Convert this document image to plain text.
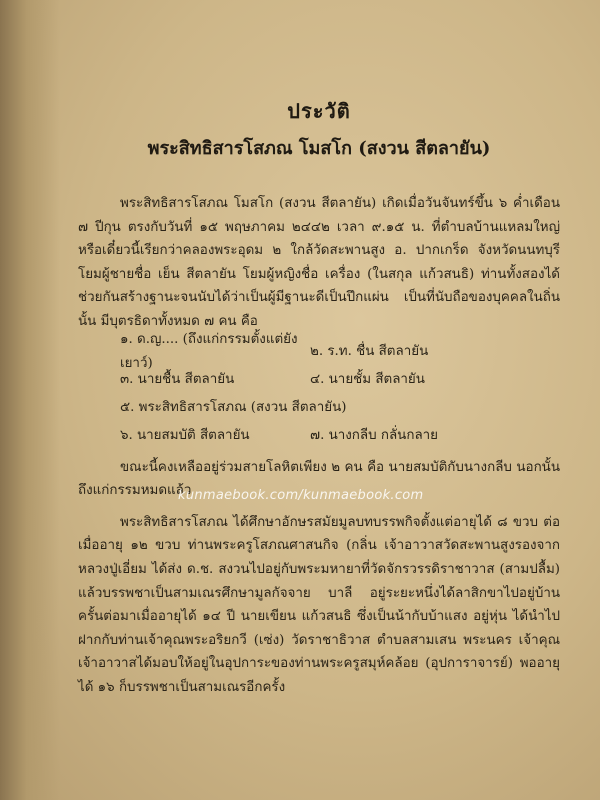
ประวัติ
พระสิทธิสารโสภณ โมสโก (สงวน สีตลายัน)

พระสิทธิสารโสภณ โมสโก (สงวน สีตลายัน) เกิดเมื่อวันจันทร์ขึ้น ๖ ค่ำเดือน ๗ ปีกุน ตรงกับวันที่ ๑๕ พฤษภาคม ๒๔๔๒ เวลา ๙.๑๕ น. ที่ตำบลบ้านแหลมใหญ่ หรือเดี๋ยวนี้เรียกว่าคลองพระอุดม ๒ ใกล้วัดสะพานสูง อ. ปากเกร็ด จังหวัดนนทบุรี โยมผู้ชายชื่อ เย็น สีตลายัน โยมผู้หญิงชื่อ เครื่อง (ในสกุล แก้วสนธิ) ท่านทั้งสองได้ช่วยกันสร้างฐานะจนนับได้ว่าเป็นผู้มีฐานะดีเป็นปึกแผ่น เป็นที่นับถือของบุคคลในถิ่นนั้น มีบุตรธิดาทั้งหมด ๗ คน คือ

๑. ด.ญ.... (ถึงแก่กรรมตั้งแต่ยังเยาว์)
๒. ร.ท. ชื่น สีตลายัน
๓. นายชื้น สีตลายัน	๔. นายชั้ม สีตลายัน
๕. พระสิทธิสารโสภณ (สงวน สีตลายัน)
๖. นายสมบัติ สีตลายัน	๗. นางกลีบ กลั่นกลาย

ขณะนี้คงเหลืออยู่ร่วมสายโลหิตเพียง ๒ คน คือ นายสมบัติกับนางกลีบ นอกนั้นถึงแก่กรรมหมดแล้ว

พระสิทธิสารโสภณ ได้ศึกษาอักษรสมัยมูลบทบรรพกิจตั้งแต่อายุได้ ๘ ขวบ ต่อเมื่ออายุ ๑๒ ขวบ ท่านพระครูโสภณศาสนกิจ (กลิ่น เจ้าอาวาสวัดสะพานสูงรองจากหลวงปู่เอี่ยม ได้ส่ง ด.ช. สงวนไปอยู่กับพระมหายาที่วัดจักรวรรดิราชาวาส (สามปลื้ม) แล้วบรรพชาเป็นสามเณรศึกษามูลกัจจาย บาลี อยู่ระยะหนึ่งได้ลาสิกขาไปอยู่บ้าน ครั้นต่อมาเมื่ออายุได้ ๑๔ ปี นายเขียน แก้วสนธิ ซึ่งเป็นน้ากับบ้าแสง อยู่หุ่น ได้นำไปฝากกับท่านเจ้าคุณพระอริยกวี (เซ่ง) วัดราชาธิวาส ตำบลสามเสน พระนคร เจ้าคุณเจ้าอาวาสได้มอบให้อยู่ในอุปการะของท่านพระครูสมุห์คล้อย (อุปการาจารย์) พออายุได้ ๑๖ ก็บรรพชาเป็นสามเณรอีกครั้ง

kunmaebook.com/kunmaebook.com
